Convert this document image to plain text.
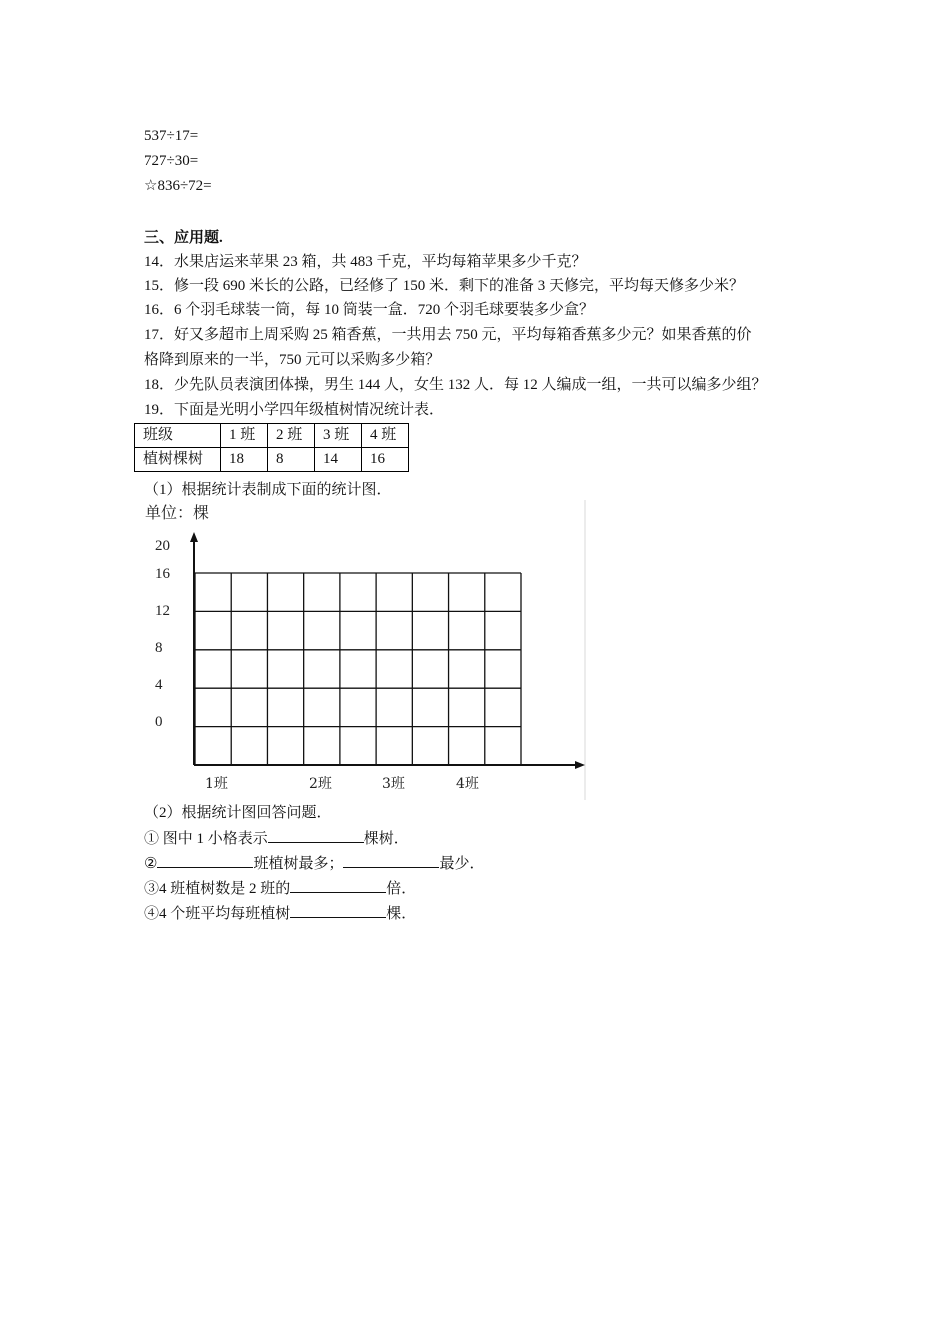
537÷17=
727÷30=
☆836÷72=
三、应用题.
14．水果店运来苹果 23 箱，共 483 千克，平均每箱苹果多少千克？
15．修一段 690 米长的公路，已经修了 150 米．剩下的准备 3 天修完，平均每天修多少米？
16．6 个羽毛球装一筒，每 10 筒装一盒．720 个羽毛球要装多少盒？
17．好又多超市上周采购 25 箱香蕉，一共用去 750 元，平均每箱香蕉多少元？如果香蕉的价
格降到原来的一半，750 元可以采购多少箱？
18．少先队员表演团体操，男生 144 人，女生 132 人．每 12 人编成一组，一共可以编多少组？
19．下面是光明小学四年级植树情况统计表．
班级	1 班	2 班	3 班	4 班
植树棵树	18	8	14	16
（1）根据统计表制成下面的统计图．
单位：棵
20
16
12
8
4
0
1班	2班	3班	4班
（2）根据统计图回答问题．
① 图中 1 小格表示	棵树．
②	班植树最多；	最少．
③4 班植树数是 2 班的	倍．
④4 个班平均每班植树	棵．
